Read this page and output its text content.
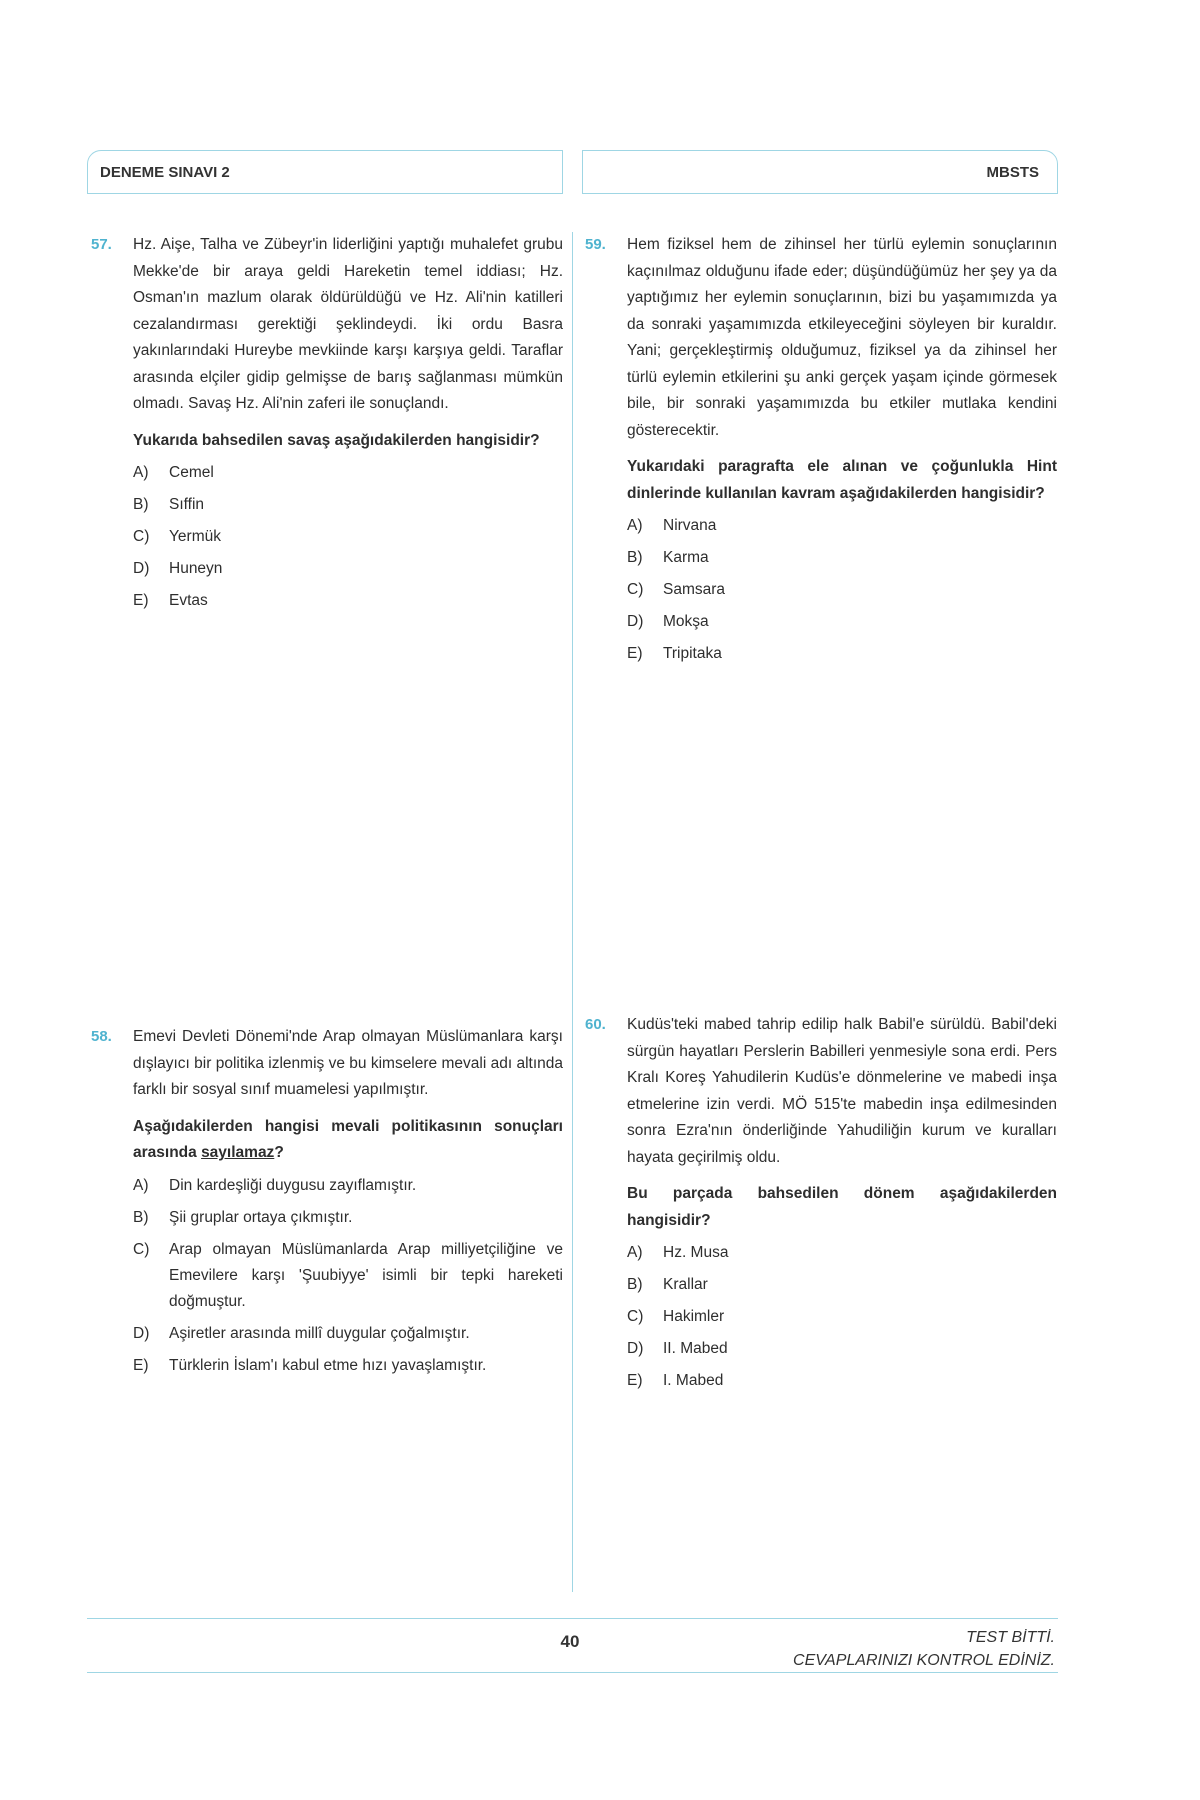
DENEME SINAVI 2	MBSTS
57. Hz. Aişe, Talha ve Zübeyr'in liderliğini yaptığı muhalefet grubu Mekke'de bir araya geldi Hareketin temel iddiası; Hz. Osman'ın mazlum olarak öldürüldüğü ve Hz. Ali'nin katilleri cezalandırması gerektiği şeklindeydi. İki ordu Basra yakınlarındaki Hureybe mevkiinde karşı karşıya geldi. Taraflar arasında elçiler gidip gelmişse de barış sağlanması mümkün olmadı. Savaş Hz. Ali'nin zaferi ile sonuçlandı.

Yukarıda bahsedilen savaş aşağıdakilerden hangisidir?

A)	Cemel
B)	Sıffin
C)	Yermük
D)	Huneyn
E)	Evtas
58. Emevi Devleti Dönemi'nde Arap olmayan Müslümanlara karşı dışlayıcı bir politika izlenmiş ve bu kimselere mevali adı altında farklı bir sosyal sınıf muamelesi yapılmıştır.

Aşağıdakilerden hangisi mevali politikasının sonuçları arasında sayılamaz?

A)	Din kardeşliği duygusu zayıflamıştır.
B)	Şii gruplar ortaya çıkmıştır.
C)	Arap olmayan Müslümanlarda Arap milliyetçiliğine ve Emevilere karşı 'Şuubiyye' isimli bir tepki hareketi doğmuştur.
D)	Aşiretler arasında millî duygular çoğalmıştır.
E)	Türklerin İslam'ı kabul etme hızı yavaşlamıştır.
59. Hem fiziksel hem de zihinsel her türlü eylemin sonuçlarının kaçınılmaz olduğunu ifade eder; düşündüğümüz her şey ya da yaptığımız her eylemin sonuçlarının, bizi bu yaşamımızda ya da sonraki yaşamımızda etkileyeceğini söyleyen bir kuraldır. Yani; gerçekleştirmiş olduğumuz, fiziksel ya da zihinsel her türlü eylemin etkilerini şu anki gerçek yaşam içinde görmesek bile, bir sonraki yaşamımızda bu etkiler mutlaka kendini gösterecektir.

Yukarıdaki paragrafta ele alınan ve çoğunlukla Hint dinlerinde kullanılan kavram aşağıdakilerden hangisidir?

A)	Nirvana
B)	Karma
C)	Samsara
D)	Mokşa
E)	Tripitaka
60. Kudüs'teki mabed tahrip edilip halk Babil'e sürüldü. Babil'deki sürgün hayatları Perslerin Babilleri yenmesiyle sona erdi. Pers Kralı Koreş Yahudilerin Kudüs'e dönmelerine ve mabedi inşa etmelerine izin verdi. MÖ 515'te mabedin inşa edilmesinden sonra Ezra'nın önderliğinde Yahudiliğin kurum ve kuralları hayata geçirilmiş oldu.

Bu parçada bahsedilen dönem aşağıdakilerden hangisidir?

A)	Hz. Musa
B)	Krallar
C)	Hakimler
D)	II. Mabed
E)	I. Mabed
40	TEST BİTTİ.
CEVAPLARINIZI KONTROL EDİNİZ.
